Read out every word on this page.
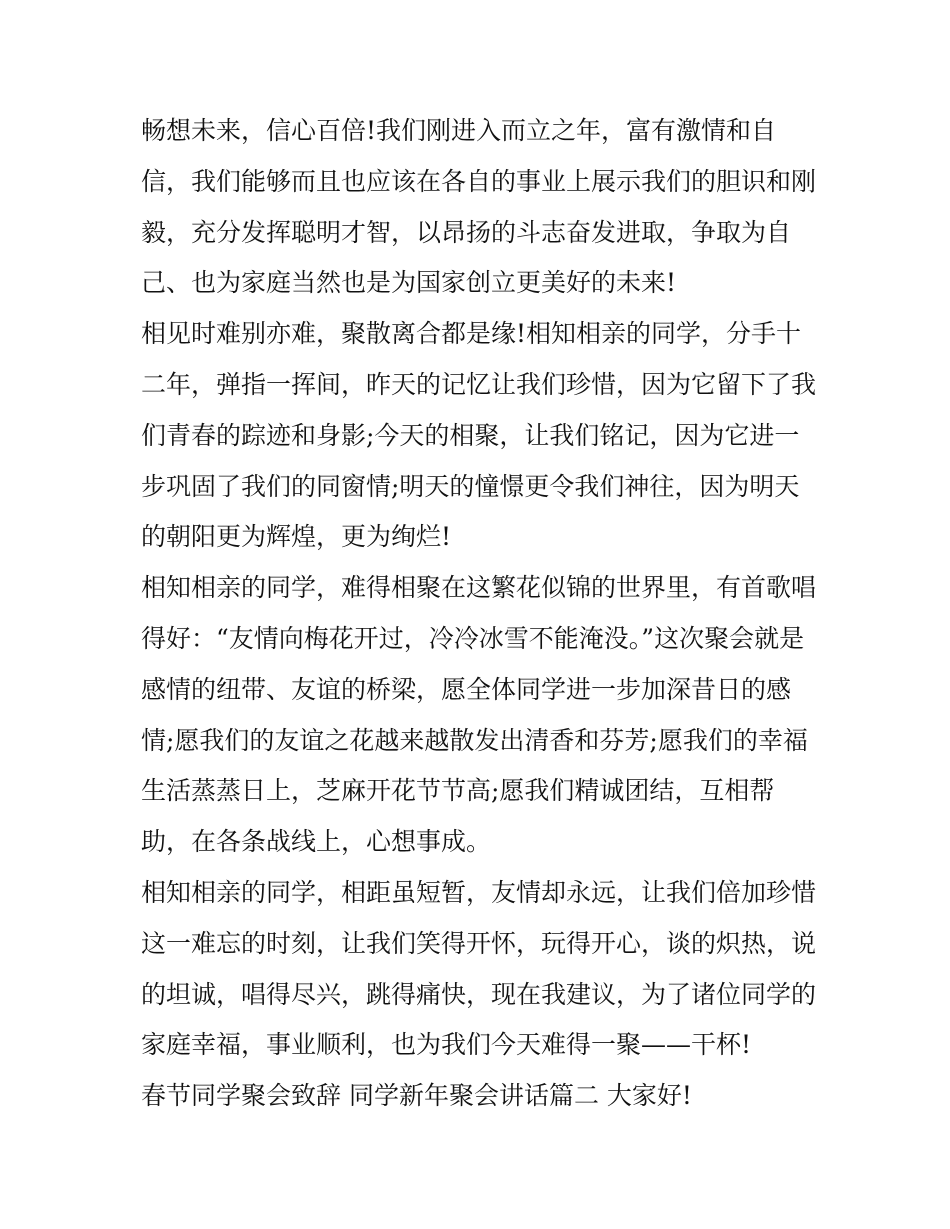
畅想未来，信心百倍!我们刚进入而立之年，富有激情和自

信，我们能够而且也应该在各自的事业上展示我们的胆识和刚

毅，充分发挥聪明才智，以昂扬的斗志奋发进取，争取为自

己、也为家庭当然也是为国家创立更美好的未来!

相见时难别亦难，聚散离合都是缘!相知相亲的同学，分手十

二年，弹指一挥间，昨天的记忆让我们珍惜，因为它留下了我

们青春的踪迹和身影;今天的相聚，让我们铭记，因为它进一

步巩固了我们的同窗情;明天的憧憬更令我们神往，因为明天

的朝阳更为辉煌，更为绚烂!

相知相亲的同学，难得相聚在这繁花似锦的世界里，有首歌唱

得好：“友情向梅花开过，冷冷冰雪不能淹没。”这次聚会就是

感情的纽带、友谊的桥梁，愿全体同学进一步加深昔日的感

情;愿我们的友谊之花越来越散发出清香和芬芳;愿我们的幸福

生活蒸蒸日上，芝麻开花节节高;愿我们精诚团结，互相帮

助，在各条战线上，心想事成。

相知相亲的同学，相距虽短暂，友情却永远，让我们倍加珍惜

这一难忘的时刻，让我们笑得开怀，玩得开心，谈的炽热，说

的坦诚，唱得尽兴，跳得痛快，现在我建议，为了诸位同学的

家庭幸福，事业顺利，也为我们今天难得一聚——干杯!

春节同学聚会致辞 同学新年聚会讲话篇二 大家好!
